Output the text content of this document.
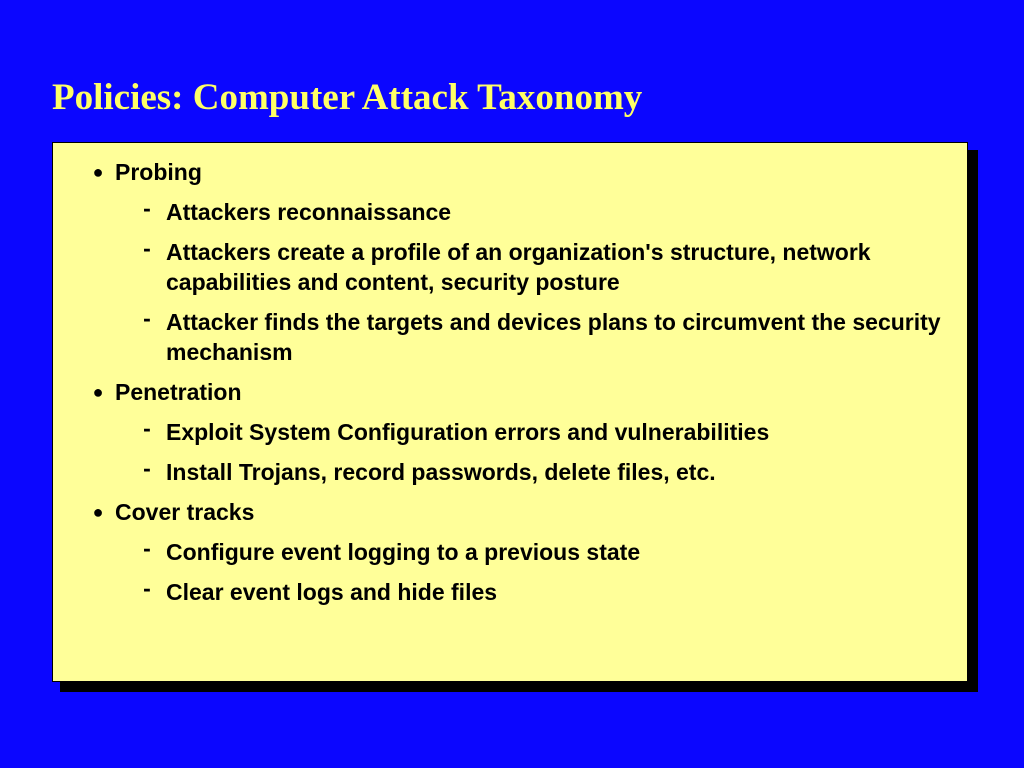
Policies: Computer Attack Taxonomy
● Probing
- Attackers reconnaissance
- Attackers create a profile of an organization's structure, network capabilities and content, security posture
- Attacker finds the targets and devices plans to circumvent the security mechanism
● Penetration
- Exploit System Configuration errors and vulnerabilities
- Install Trojans, record passwords, delete files, etc.
● Cover tracks
- Configure event logging to a previous state
- Clear event logs and hide files
